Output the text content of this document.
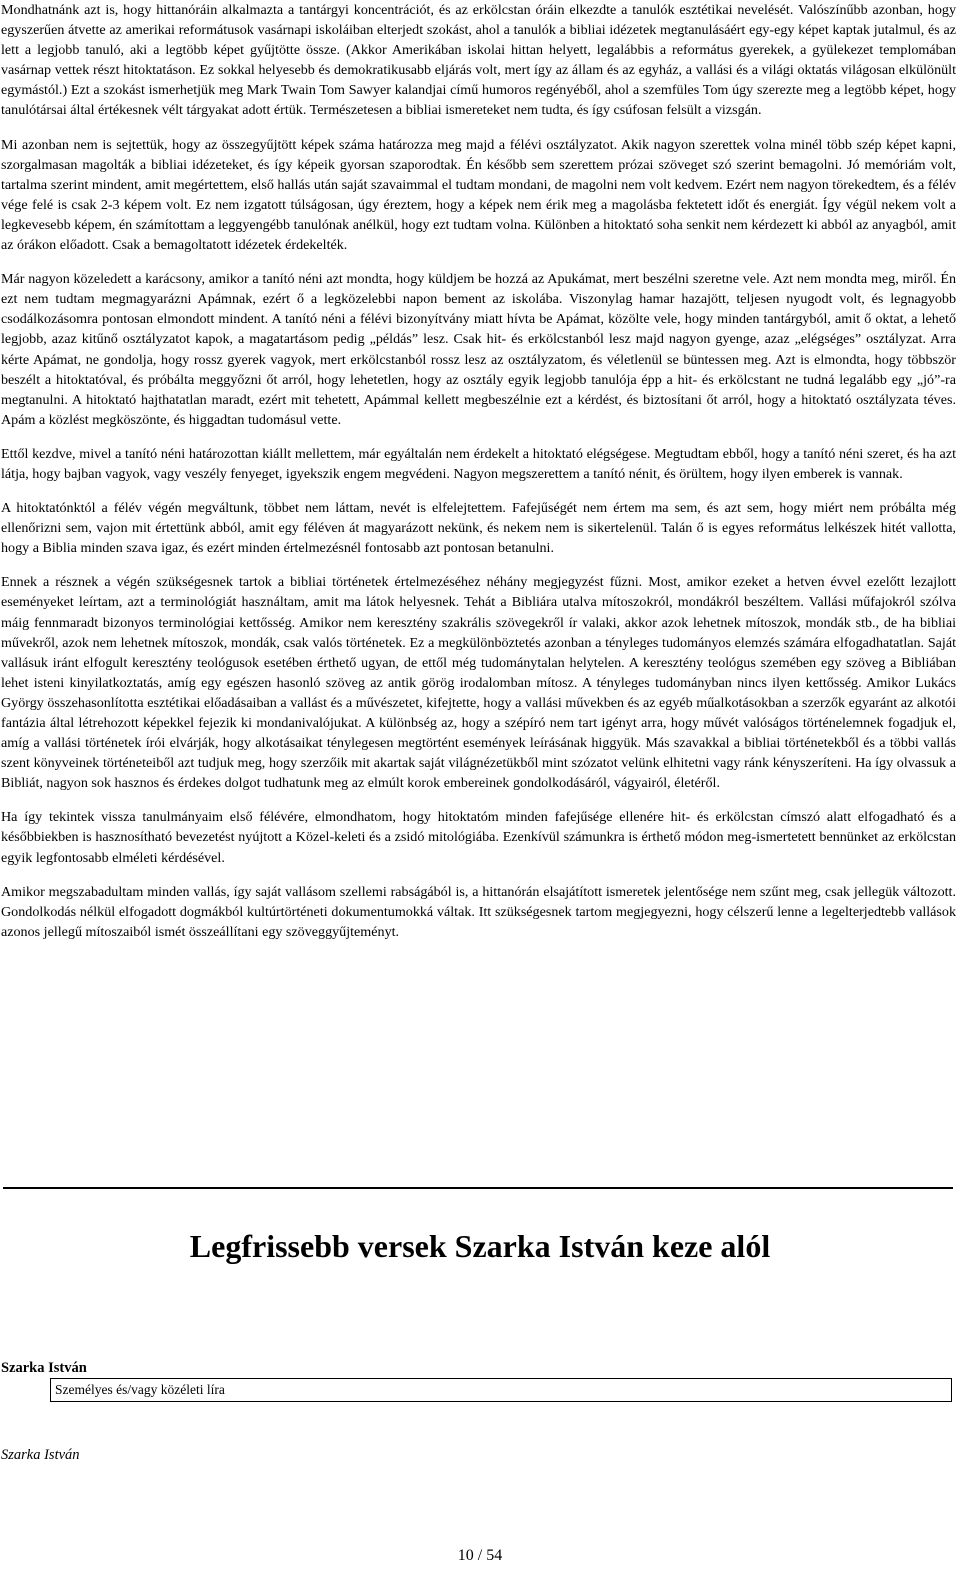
Mondhatnánk azt is, hogy hittanóráin alkalmazta a tantárgyi koncentrációt, és az erkölcstan óráin elkezdte a tanulók esztétikai nevelését. Valószínűbb azonban, hogy egyszerűen átvette az amerikai reformátusok vasárnapi iskoláiban elterjedt szokást, ahol a tanulók a bibliai idézetek megtanulásáért egy-egy képet kaptak jutalmul, és az lett a legjobb tanuló, aki a legtöbb képet gyűjtötte össze. (Akkor Amerikában iskolai hittan helyett, legalábbis a református gyerekek, a gyülekezet templomában vasárnap vettek részt hitoktatáson. Ez sokkal helyesebb és demokratikusabb eljárás volt, mert így az állam és az egyház, a vallási és a világi oktatás világosan elkülönült egymástól.) Ezt a szokást ismerhetjük meg Mark Twain Tom Sawyer kalandjai című humoros regényéből, ahol a szemfüles Tom úgy szerezte meg a legtöbb képet, hogy tanulótársai által értékesnek vélt tárgyakat adott értük. Természetesen a bibliai ismereteket nem tudta, és így csúfosan felsült a vizsgán.

Mi azonban nem is sejtettük, hogy az összegyűjtött képek száma határozza meg majd a félévi osztályzatot. Akik nagyon szerettek volna minél több szép képet kapni, szorgalmasan magolták a bibliai idézeteket, és így képeik gyorsan szaporodtak. Én később sem szerettem prózai szöveget szó szerint bemagolni. Jó memóriám volt, tartalma szerint mindent, amit megértettem, első hallás után saját szavaimmal el tudtam mondani, de magolni nem volt kedvem. Ezért nem nagyon törekedtem, és a félév vége felé is csak 2-3 képem volt. Ez nem izgatott túlságosan, úgy éreztem, hogy a képek nem érik meg a magolásba fektetett időt és energiát. Így végül nekem volt a legkevesebb képem, én számítottam a leggyengébb tanulónak anélkül, hogy ezt tudtam volna. Különben a hitoktató soha senkit nem kérdezett ki abból az anyagból, amit az órákon előadott. Csak a bemagoltatott idézetek érdekelték.

Már nagyon közeledett a karácsony, amikor a tanító néni azt mondta, hogy küldjem be hozzá az Apukámat, mert beszélni szeretne vele. Azt nem mondta meg, miről. Én ezt nem tudtam megmagyarázni Apámnak, ezért ő a legközelebbi napon bement az iskolába. Viszonylag hamar hazajött, teljesen nyugodt volt, és legnagyobb csodálkozásomra pontosan elmondott mindent. A tanító néni a félévi bizonyítvány miatt hívta be Apámat, közölte vele, hogy minden tantárgyból, amit ő oktat, a lehető legjobb, azaz kitűnő osztályzatot kapok, a magatartásom pedig „példás” lesz. Csak hit- és erkölcstanból lesz majd nagyon gyenge, azaz „elégséges” osztályzat. Arra kérte Apámat, ne gondolja, hogy rossz gyerek vagyok, mert erkölcstanból rossz lesz az osztályzatom, és véletlenül se büntessen meg. Azt is elmondta, hogy többször beszélt a hitoktatóval, és próbálta meggyőzni őt arról, hogy lehetetlen, hogy az osztály egyik legjobb tanulója épp a hit- és erkölcstant ne tudná legalább egy „jó”-ra megtanulni. A hitoktató hajthatatlan maradt, ezért mit tehetett, Apámmal kellett megbeszélnie ezt a kérdést, és biztosítani őt arról, hogy a hitoktató osztályzata téves. Apám a közlést megköszönte, és higgadtan tudomásul vette.

Ettől kezdve, mivel a tanító néni határozottan kiállt mellettem, már egyáltalán nem érdekelt a hitoktató elégségese. Megtudtam ebből, hogy a tanító néni szeret, és ha azt látja, hogy bajban vagyok, vagy veszély fenyeget, igyekszik engem megvédeni. Nagyon megszerettem a tanító nénit, és örültem, hogy ilyen emberek is vannak.

A hitoktatónktól a félév végén megváltunk, többet nem láttam, nevét is elfelejtettem. Fafejűségét nem értem ma sem, és azt sem, hogy miért nem próbálta még ellenőrizni sem, vajon mit értettünk abból, amit egy féléven át magyarázott nekünk, és nekem nem is sikertelenül. Talán ő is egyes református lelkészek hitét vallotta, hogy a Biblia minden szava igaz, és ezért minden értelmezésnél fontosabb azt pontosan betanulni.

Ennek a résznek a végén szükségesnek tartok a bibliai történetek értelmezéséhez néhány megjegyzést fűzni. Most, amikor ezeket a hetven évvel ezelőtt lezajlott eseményeket leírtam, azt a terminológiát használtam, amit ma látok helyesnek. Tehát a Bibliára utalva mítoszokról, mondákról beszéltem. Vallási műfajokról szólva máig fennmaradt bizonyos terminológiai kettősség. Amikor nem keresztény szakrális szövegekről ír valaki, akkor azok lehetnek mítoszok, mondák stb., de ha bibliai művekről, azok nem lehetnek mítoszok, mondák, csak valós történetek. Ez a megkülönböztetés azonban a tényleges tudományos elemzés számára elfogadhatatlan. Saját vallásuk iránt elfogult keresztény teológusok esetében érthető ugyan, de ettől még tudománytalan helytelen. A keresztény teológus szemében egy szöveg a Bibliában lehet isteni kinyilatkoztatás, amíg egy egészen hasonló szöveg az antik görög irodalomban mítosz. A tényleges tudományban nincs ilyen kettősség. Amikor Lukács György összehasonlította esztétikai előadásaiban a vallást és a művészetet, kifejtette, hogy a vallási művekben és az egyéb műalkotásokban a szerzők egyaránt az alkotói fantázia által létrehozott képekkel fejezik ki mondanivalójukat. A különbség az, hogy a szépíró nem tart igényt arra, hogy művét valóságos történelemnek fogadjuk el, amíg a vallási történetek írói elvárják, hogy alkotásaikat ténylegesen megtörtént események leírásának higgyük. Más szavakkal a bibliai történetekből és a többi vallás szent könyveinek történeteiből azt tudjuk meg, hogy szerzőik mit akartak saját világnézetükből mint szózatot velünk elhitetni vagy ránk kényszeríteni. Ha így olvassuk a Bibliát, nagyon sok hasznos és érdekes dolgot tudhatunk meg az elmúlt korok embereinek gondolkodásáról, vágyairól, életéről.

Ha így tekintek vissza tanulmányaim első félévére, elmondhatom, hogy hitoktatóm minden fafejűsége ellenére hit- és erkölcstan címszó alatt elfogadható és a későbbiekben is hasznosítható bevezetést nyújtott a Közel-keleti és a zsidó mitológiába. Ezenkívül számunkra is érthető módon meg-ismertetett bennünket az erkölcstan egyik legfontosabb elméleti kérdésével.

Amikor megszabadultam minden vallás, így saját vallásom szellemi rabságából is, a hittanórán elsajátított ismeretek jelentősége nem szűnt meg, csak jellegük változott. Gondolkodás nélkül elfogadott dogmákból kultúrtörténeti dokumentumokká váltak. Itt szükségesnek tartom megjegyezni, hogy célszerű lenne a legelterjedtebb vallások azonos jellegű mítoszaiból ismét összeállítani egy szöveggyűjteményt.

Legfrissebb versek Szarka István keze alól
Szarka István
Személyes és/vagy közéleti líra
Szarka István
10 / 54
